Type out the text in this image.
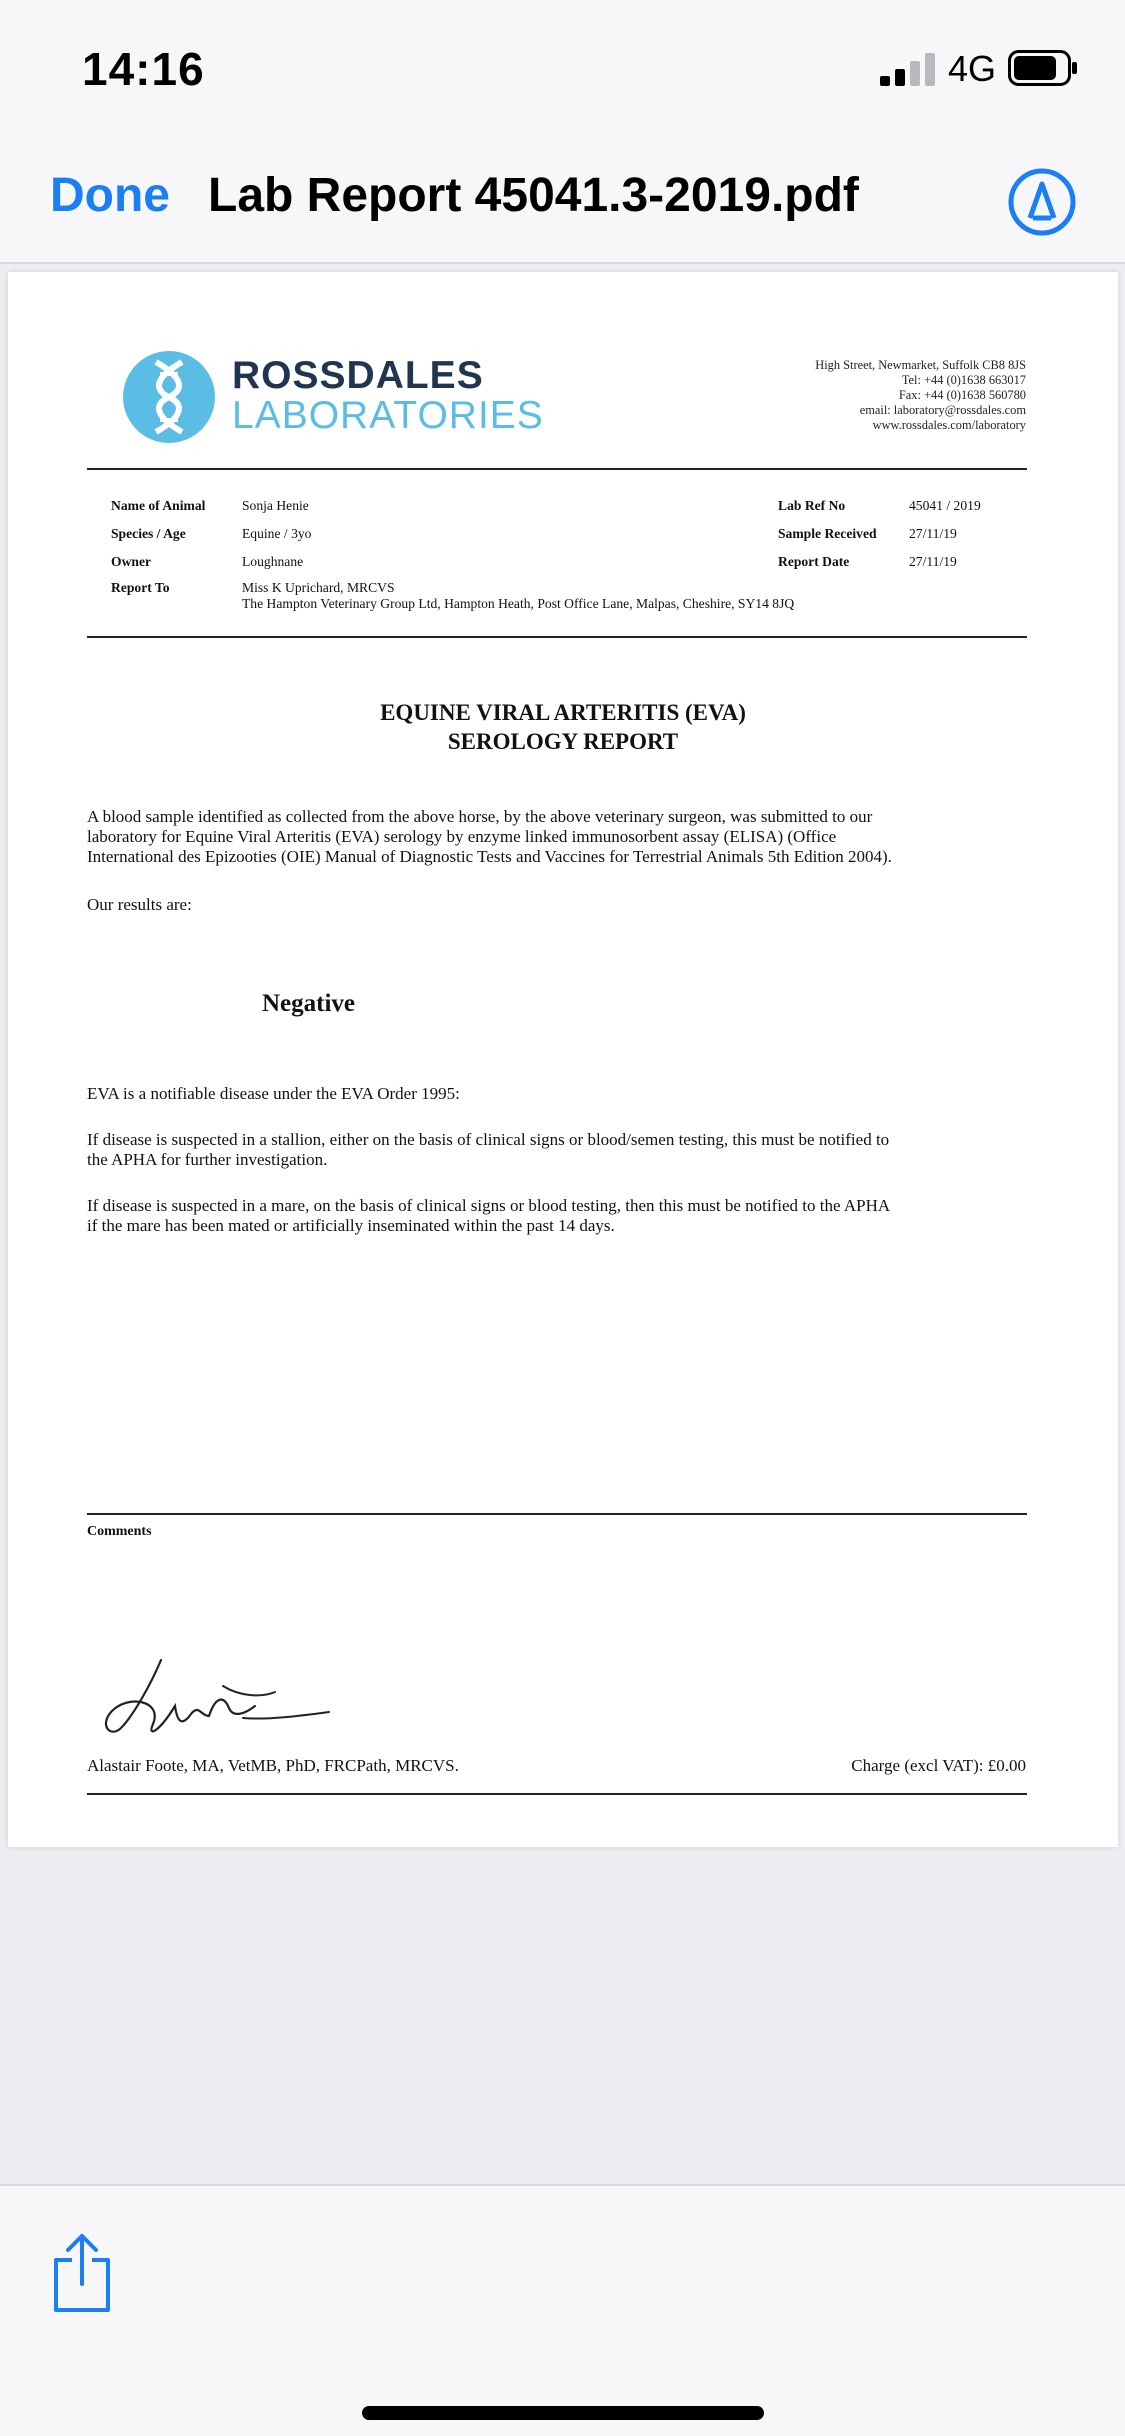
14:16	4G
Done Lab Report 45041.3-2019.pdf
ROSSDALES
LABORATORIES
High Street, Newmarket, Suffolk CB8 8JS
Tel: +44 (0)1638 663017
Fax: +44 (0)1638 560780
email: laboratory@rossdales.com
www.rossdales.com/laboratory
Name of Animal	Sonja Henie
Species / Age	Equine / 3yo
Owner	Loughnane
Report To	Miss K Uprichard, MRCVS
The Hampton Veterinary Group Ltd, Hampton Heath, Post Office Lane, Malpas, Cheshire, SY14 8JQ
Lab Ref No	45041 / 2019
Sample Received 27/11/19
Report Date	27/11/19
EQUINE VIRAL ARTERITIS (EVA)
SEROLOGY REPORT
A blood sample identified as collected from the above horse, by the above veterinary surgeon, was submitted to our
laboratory for Equine Viral Arteritis (EVA) serology by enzyme linked immunosorbent assay (ELISA) (Office
International des Epizooties (OIE) Manual of Diagnostic Tests and Vaccines for Terrestrial Animals 5th Edition 2004).
Our results are:
Negative
EVA is a notifiable disease under the EVA Order 1995:
If disease is suspected in a stallion, either on the basis of clinical signs or blood/semen testing, this must be notified to
the APHA for further investigation.
If disease is suspected in a mare, on the basis of clinical signs or blood testing, then this must be notified to the APHA
if the mare has been mated or artificially inseminated within the past 14 days.
Comments
Alastair Foote, MA, VetMB, PhD, FRCPath, MRCVS.	Charge (excl VAT): £0.00
